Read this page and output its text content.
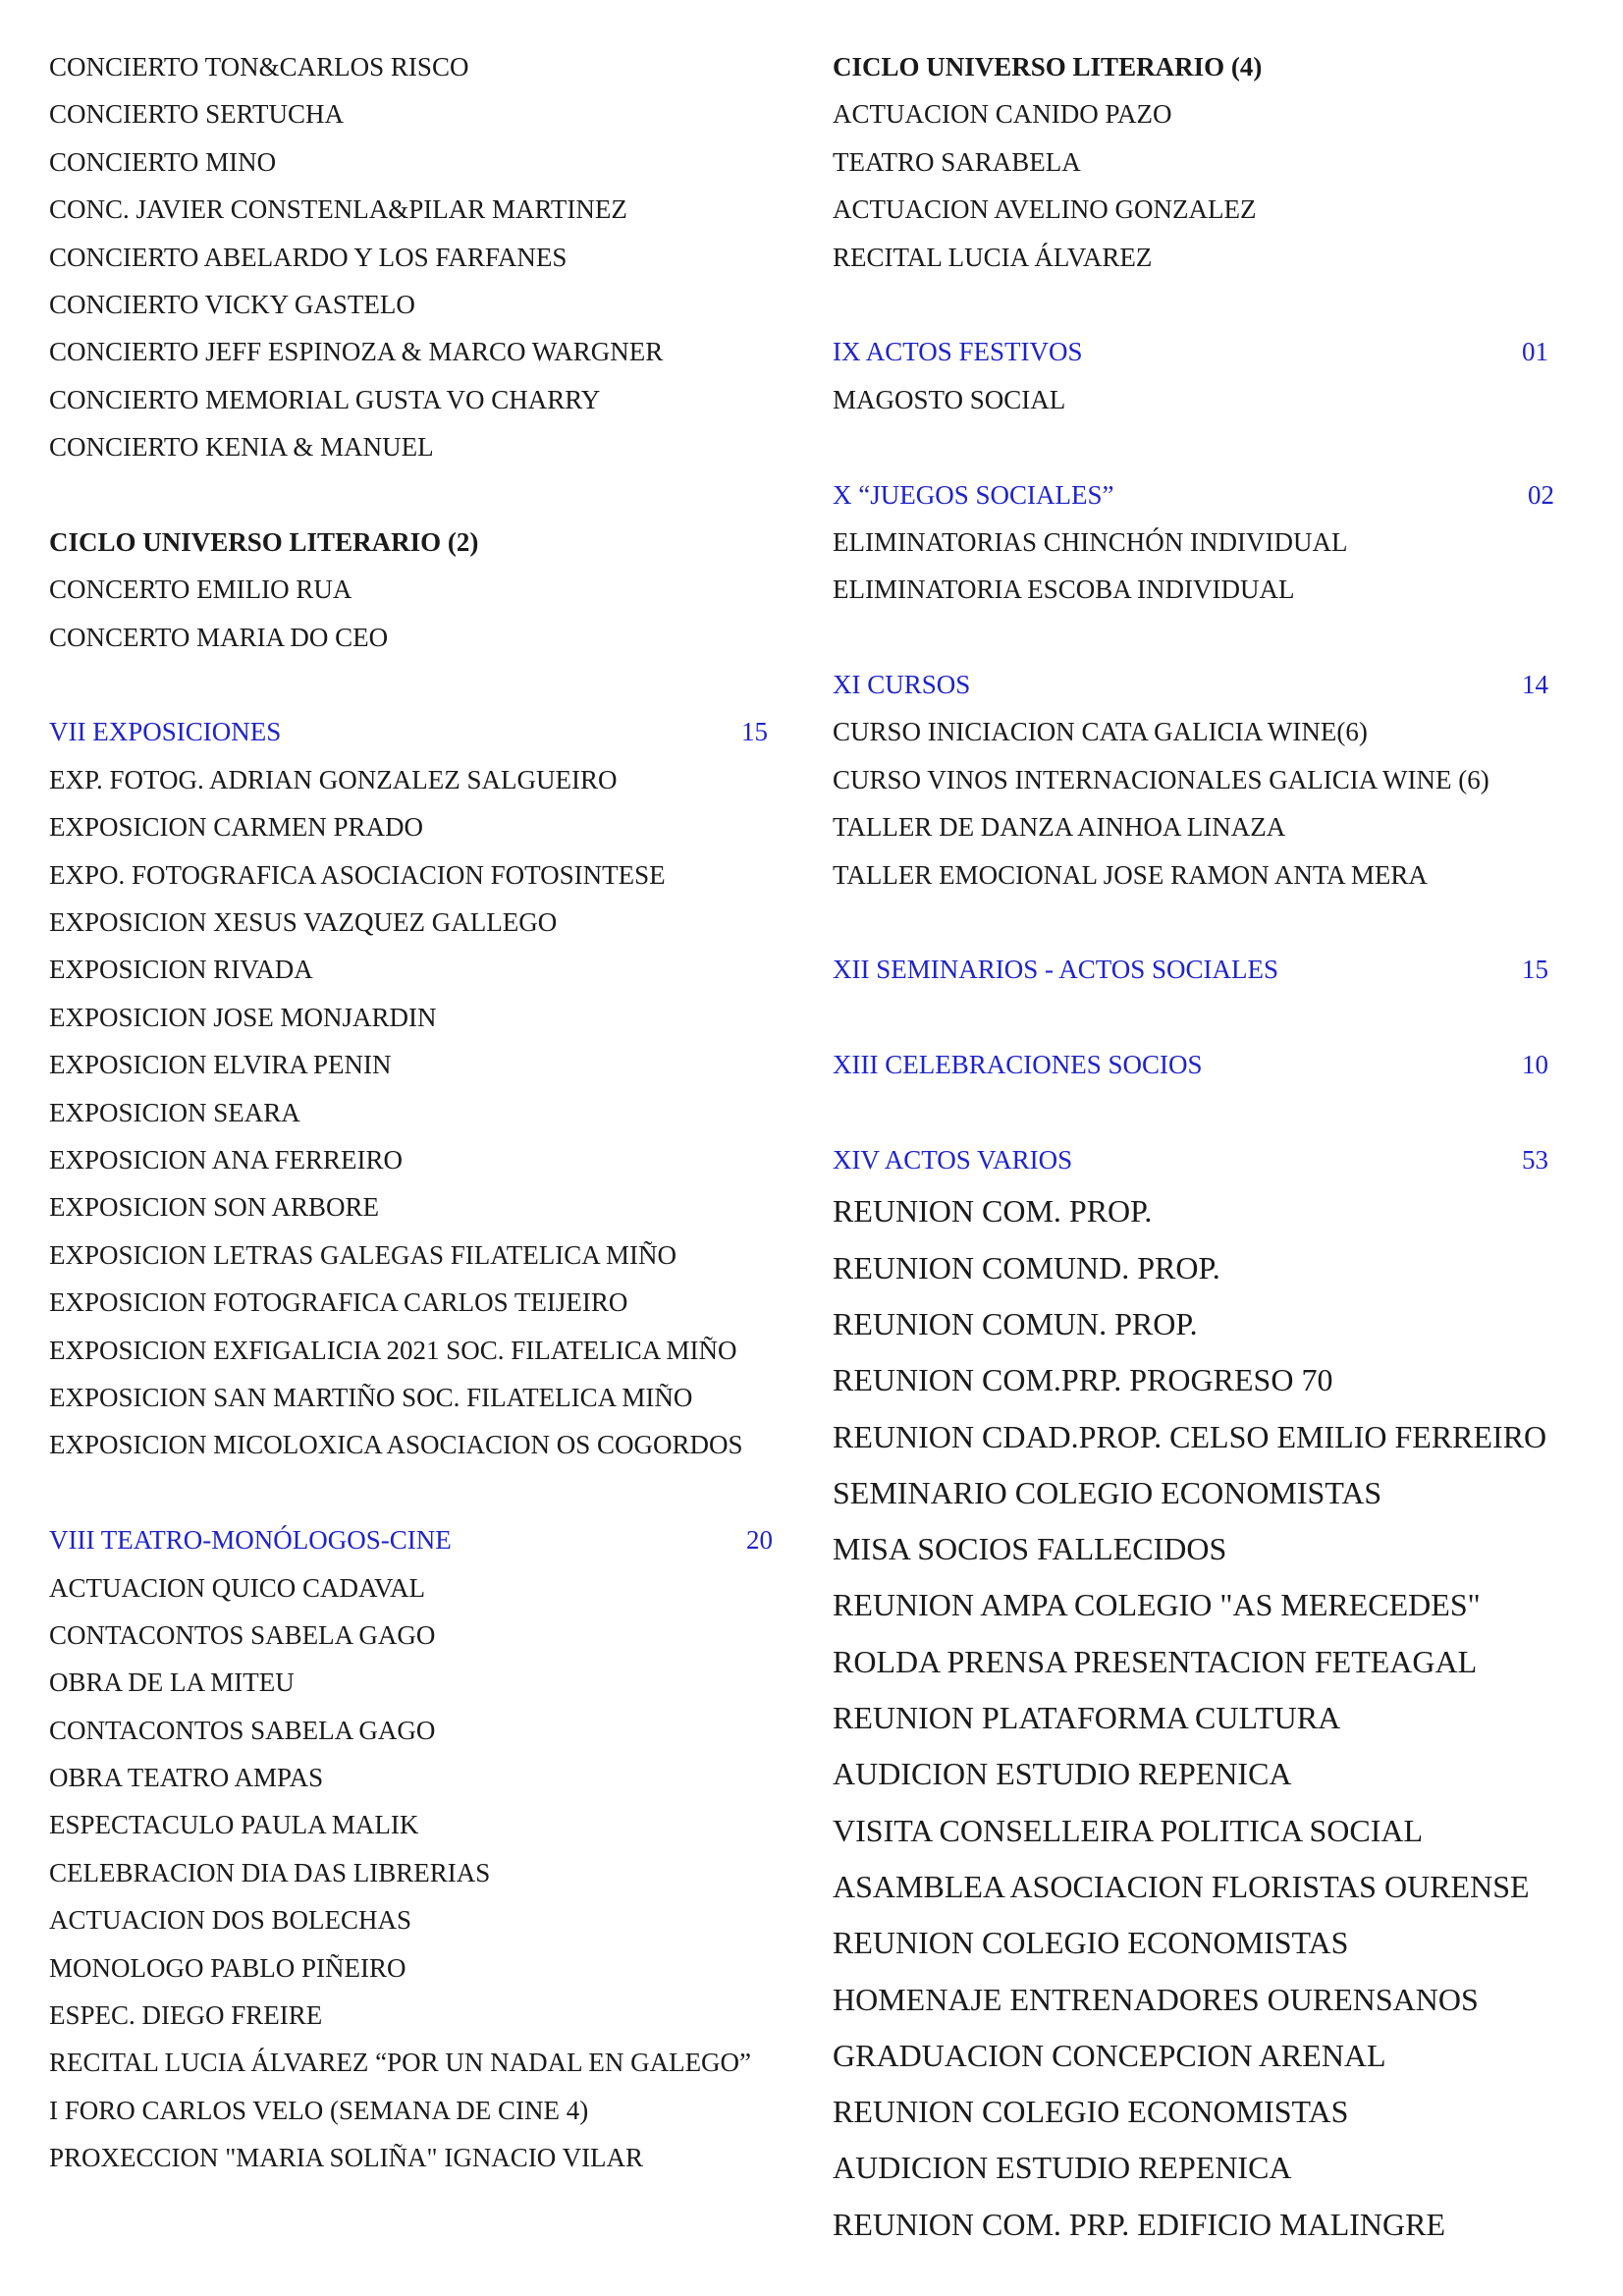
CONCIERTO TON&CARLOS RISCO
CONCIERTO SERTUCHA
CONCIERTO MINO
CONC. JAVIER CONSTENLA&PILAR MARTINEZ
CONCIERTO ABELARDO Y LOS FARFANES
CONCIERTO VICKY GASTELO
CONCIERTO JEFF ESPINOZA & MARCO WARGNER
CONCIERTO MEMORIAL GUSTA VO CHARRY
CONCIERTO KENIA & MANUEL
CICLO UNIVERSO LITERARIO (2)
CONCERTO EMILIO RUA
CONCERTO MARIA DO CEO
VII EXPOSICIONES	15
EXP. FOTOG. ADRIAN GONZALEZ SALGUEIRO
EXPOSICION CARMEN PRADO
EXPO. FOTOGRAFICA ASOCIACION FOTOSINTESE
EXPOSICION XESUS VAZQUEZ GALLEGO
EXPOSICION RIVADA
EXPOSICION JOSE MONJARDIN
EXPOSICION ELVIRA PENIN
EXPOSICION SEARA
EXPOSICION ANA FERREIRO
EXPOSICION SON ARBORE
EXPOSICION LETRAS GALEGAS FILATELICA MIÑO
EXPOSICION FOTOGRAFICA CARLOS TEIJEIRO
EXPOSICION EXFIGALICIA 2021 SOC. FILATELICA MIÑO
EXPOSICION SAN MARTIÑO SOC. FILATELICA MIÑO
EXPOSICION MICOLOXICA ASOCIACION OS COGORDOS
VIII TEATRO-MONÓLOGOS-CINE	20
ACTUACION QUICO CADAVAL
CONTACONTOS SABELA GAGO
OBRA DE LA MITEU
CONTACONTOS SABELA GAGO
OBRA TEATRO AMPAS
ESPECTACULO PAULA MALIK
CELEBRACION DIA DAS LIBRERIAS
ACTUACION DOS BOLECHAS
MONOLOGO PABLO PIÑEIRO
ESPEC. DIEGO FREIRE
RECITAL LUCIA ÁLVAREZ “POR UN NADAL EN GALEGO”
I FORO CARLOS VELO (SEMANA DE CINE 4)
PROXECCION "MARIA SOLIÑA" IGNACIO VILAR
CICLO UNIVERSO LITERARIO (4)
ACTUACION CANIDO PAZO
TEATRO SARABELA
ACTUACION AVELINO GONZALEZ
RECITAL LUCIA ÁLVAREZ
IX ACTOS FESTIVOS	01
MAGOSTO SOCIAL
X “JUEGOS SOCIALES”	02
ELIMINATORIAS CHINCHÓN INDIVIDUAL
ELIMINATORIA ESCOBA INDIVIDUAL
XI CURSOS	14
CURSO INICIACION CATA GALICIA WINE(6)
CURSO VINOS INTERNACIONALES GALICIA WINE (6)
TALLER DE DANZA AINHOA LINAZA
TALLER EMOCIONAL JOSE RAMON ANTA MERA
XII SEMINARIOS - ACTOS SOCIALES	15
XIII CELEBRACIONES SOCIOS	10
XIV ACTOS VARIOS	53
REUNION COM. PROP.
REUNION COMUND. PROP.
REUNION COMUN. PROP.
REUNION COM.PRP. PROGRESO 70
REUNION CDAD.PROP. CELSO EMILIO FERREIRO
SEMINARIO COLEGIO ECONOMISTAS
MISA SOCIOS FALLECIDOS
REUNION AMPA COLEGIO "AS MERECEDES"
ROLDA PRENSA PRESENTACION FETEAGAL
REUNION PLATAFORMA CULTURA
AUDICION ESTUDIO REPENICA
VISITA CONSELLEIRA POLITICA SOCIAL
ASAMBLEA ASOCIACION FLORISTAS OURENSE
REUNION COLEGIO ECONOMISTAS
HOMENAJE ENTRENADORES OURENSANOS
GRADUACION CONCEPCION ARENAL
REUNION COLEGIO ECONOMISTAS
AUDICION ESTUDIO REPENICA
REUNION COM. PRP. EDIFICIO MALINGRE
